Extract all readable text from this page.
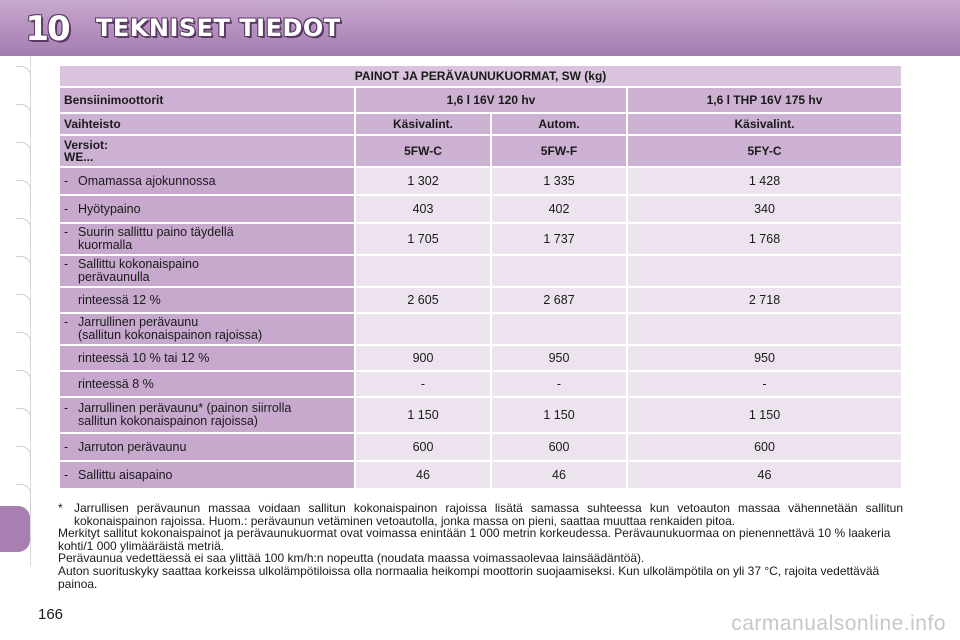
10	TEKNISET TIEDOT
PAINOT JA PERÄVAUNUKUORMAT, SW (kg)			
Bensiinimoottorit	1,6 l 16V 120 hv		1,6 l THP 16V 175 hv
Vaihteisto	Käsivalint.	Autom.	Käsivalint.

Versiot:
WE...	5FW-C	5FW-F	5FY-C

- Omamassa ajokunnossa	1 302	1 335	1 428

- Hyötypaino	403	402	340

- Suurin sallittu paino täydellä
kuormalla	1 705	1 737	1 768

- Sallittu kokonaispaino
perävaunulla			

rinteessä 12 %	2 605	2 687	2 718

- Jarrullinen perävaunu
(sallitun kokonaispainon rajoissa)			

rinteessä 10 % tai 12 %	900	950	950

rinteessä 8 %	-	-	-

- Jarrullinen perävaunu* (painon siirrolla
sallitun kokonaispainon rajoissa)	1 150	1 150	1 150

- Jarruton perävaunu	600	600	600

- Sallittu aisapaino	46	46	46
* Jarrullisen perävaunun massaa voidaan sallitun kokonaispainon rajoissa lisätä samassa suhteessa kun vetoauton massaa vähennetään sallitun kokonaispainon rajoissa. Huom.: perävaunun vetäminen vetoautolla, jonka massa on pieni, saattaa muuttaa renkaiden pitoa.
Merkityt sallitut kokonaispainot ja perävaunukuormat ovat voimassa enintään 1 000 metrin korkeudessa. Perävaunukuormaa on pienennettävä 10 % laakeria kohti/1 000 ylimääräistä metriä.
Perävaunua vedettäessä ei saa ylittää 100 km/h:n nopeutta (noudata maassa voimassaolevaa lainsäädäntöä).
Auton suorituskyky saattaa korkeissa ulkolämpötiloissa olla normaalia heikompi moottorin suojaamiseksi. Kun ulkolämpötila on yli 37 °C, rajoita vedettävää painoa.
166	carmanualsonline.info
